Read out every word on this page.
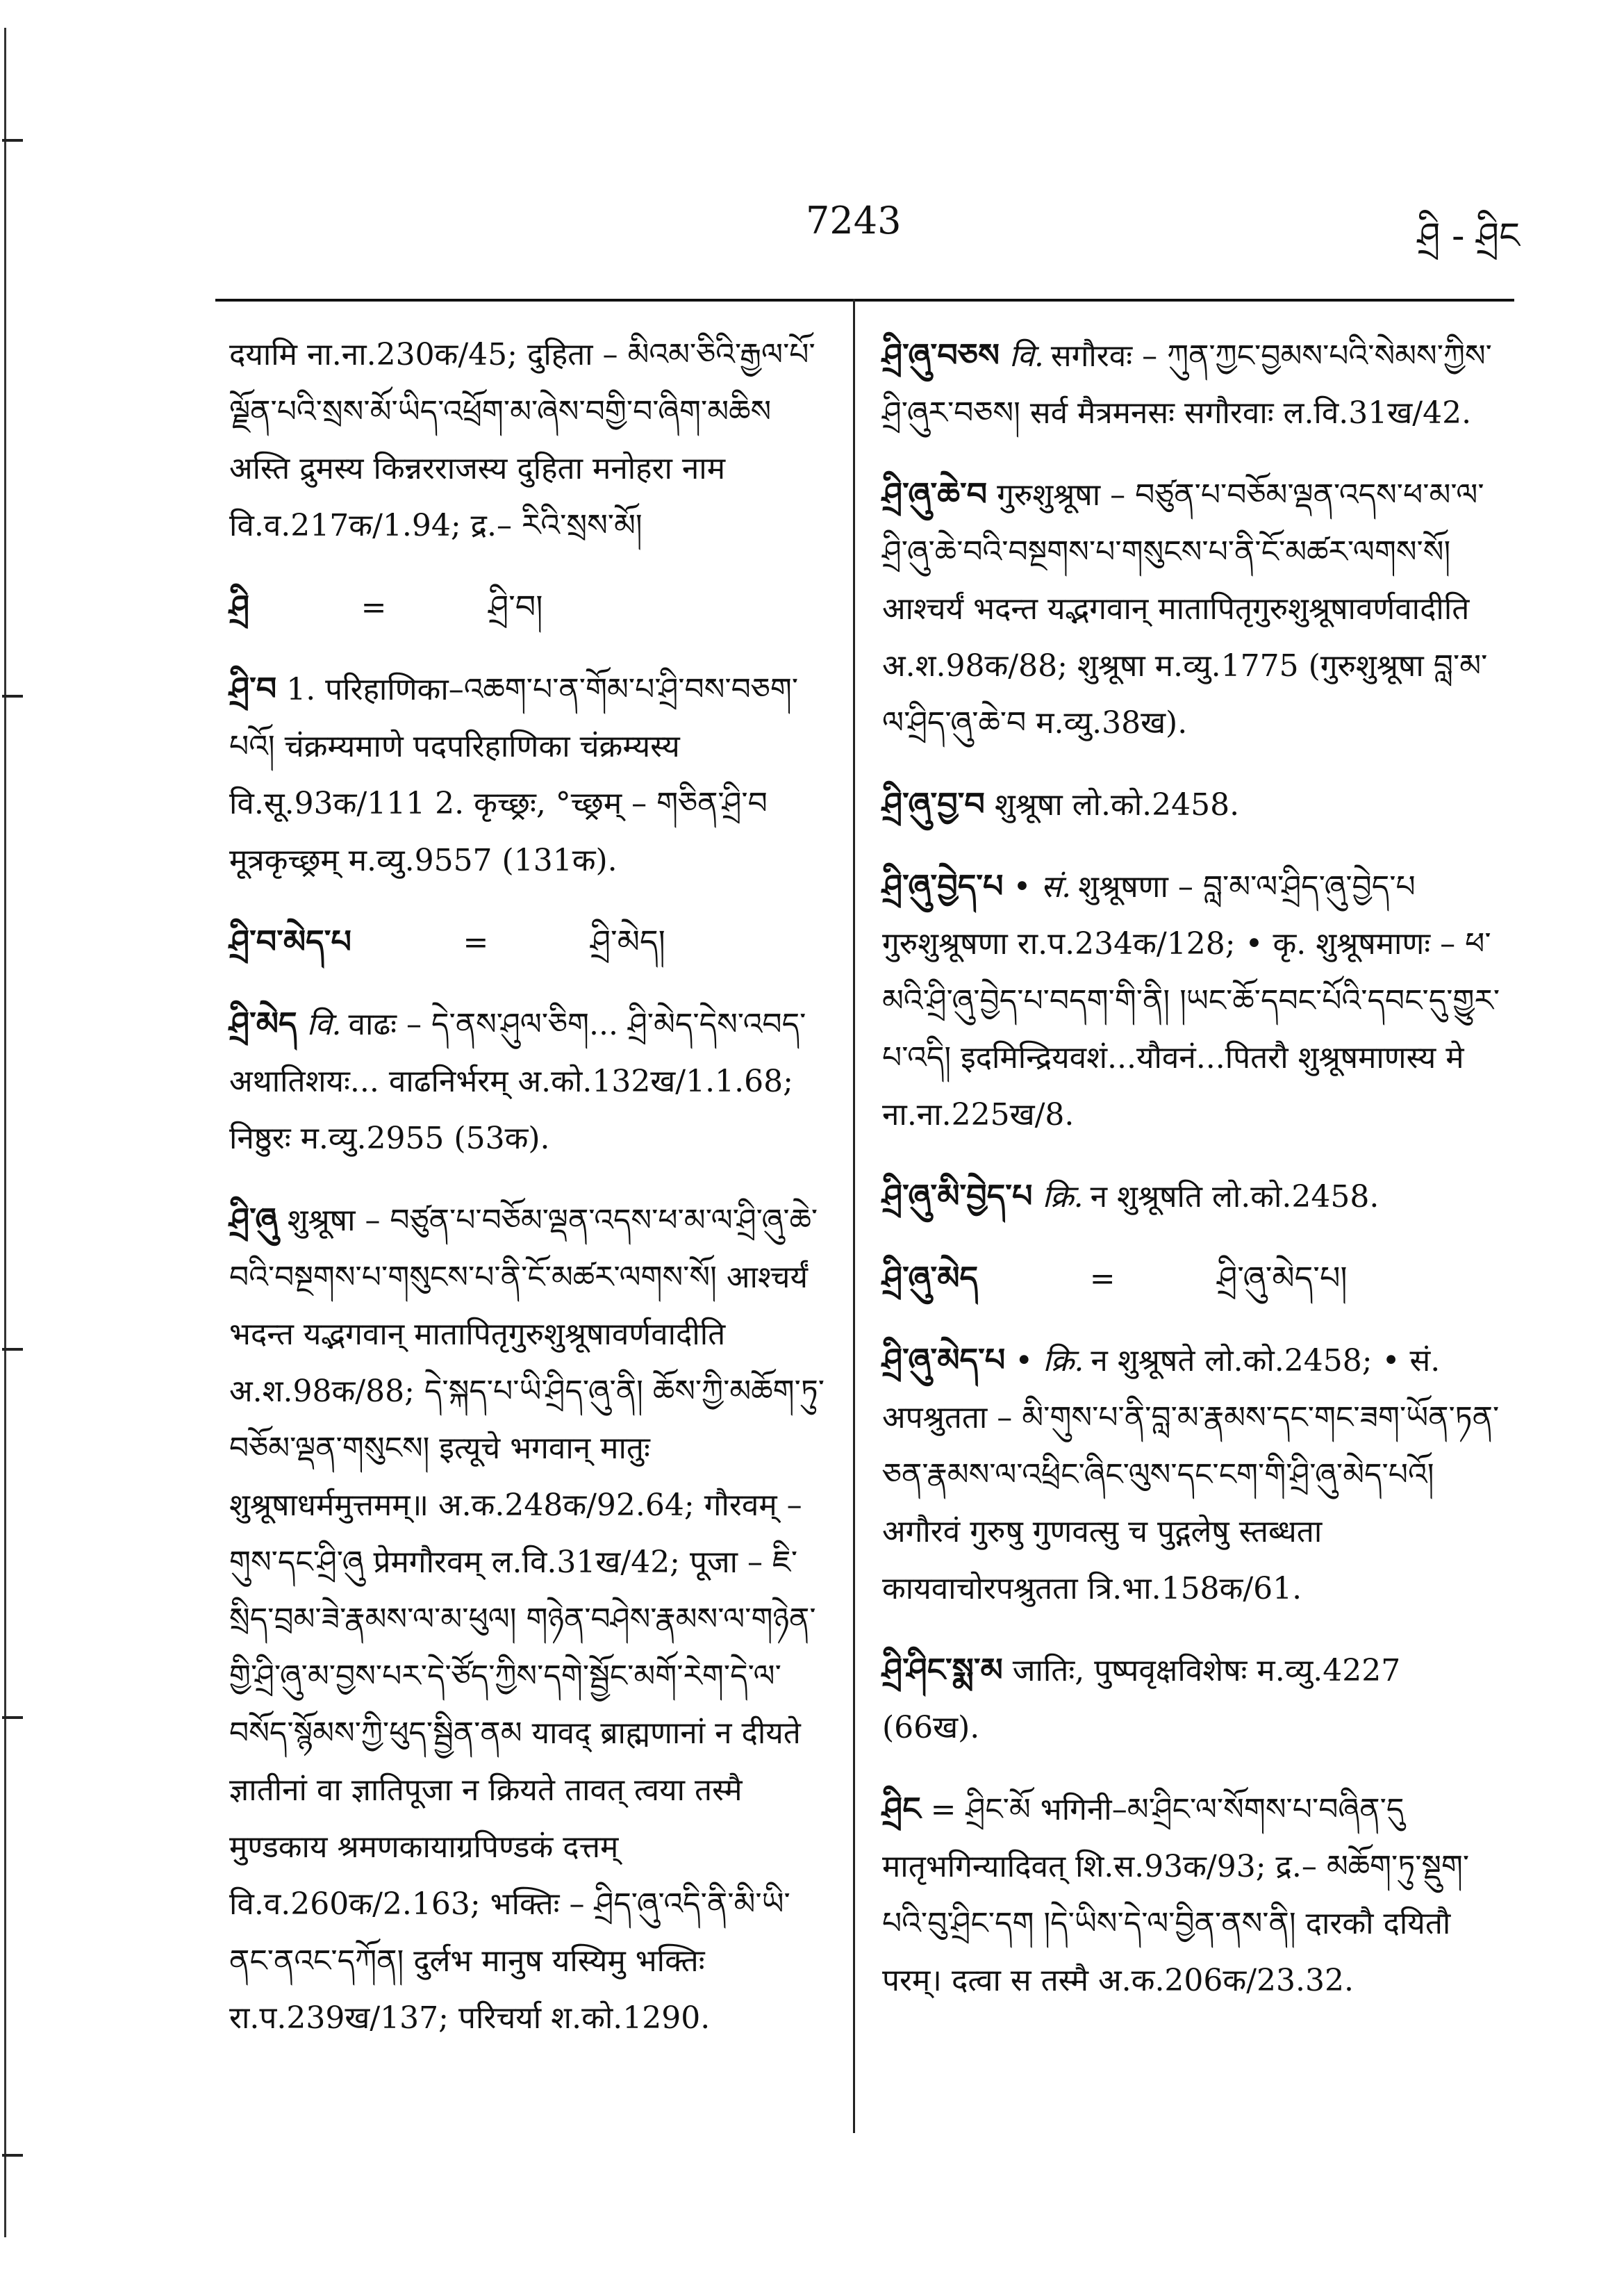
7243	ཤྲི - ཤྲིང
दयामि ना.ना.230क/45; दुहिता – མིའམ་ཅིའི་རྒྱལ་པོ་ལྗོན་པའི་སྲས་མོ་ཡིད་འཕྲོག་མ་ཞེས་བགྱི་བ་ཞིག་མཆིས अस्ति द्रुमस्य किन्नरराजस्य दुहिता मनोहरा नाम वि.व.217क/1.94; द्र.– རིའི་སྲས་མོ།
ཤྲི	=	ཤྲི་བ།
ཤྲི་བ 1. परिहाणिका–འཆག་པ་ན་གོམ་པ་ཤྲི་བས་བཅག་པའོ། चंक्रम्यमाणे पदपरिहाणिका चंक्रम्यस्य वि.सू.93क/111 2. कृच्छ्रः, °च्छ्रम् – གཅིན་ཤྲི་བ मूत्रकृच्छ्रम् म.व्यु.9557 (131क).
ཤྲི་བ་མེད་པ	=	ཤྲི་མེད།
ཤྲི་མེད वि. वाढः – དེ་ནས་ཤུལ་ཅིག... ཤྲི་མེད་དེས་འབད་ अथातिशयः... वाढनिर्भरम् अ.को.132ख/1.1.68; निष्ठुरः म.व्यु.2955 (53क).
ཤྲི་ཞུ शुश्रूषा – བཙུན་པ་བཅོམ་ལྡན་འདས་ཕ་མ་ལ་ཤྲི་ཞུ་ཆེ་བའི་བསྔགས་པ་གསུངས་པ་ནི་ངོ་མཚར་ལགས་སོ། आश्चर्यं भदन्त यद्भगवान् मातापितृगुरुशुश्रूषावर्णवादीति अ.श.98क/88; དེ་སྐད་པ་ཡི་ཤྲིད་ཞུ་ནི། ཆོས་ཀྱི་མཆོག་ཏུ་བཅོམ་ལྡན་གསུངས། इत्यूचे भगवान् मातुः शुश्रूषाधर्ममुत्तमम्॥ अ.क.248क/92.64; गौरवम् – གུས་དང་ཤྲི་ཞུ प्रेमगौरवम् ल.वि.31ख/42; पूजा – ཇི་སྲིད་བྲམ་ཟེ་རྣམས་ལ་མ་ཕུལ། གཉེན་བཤེས་རྣམས་ལ་གཉེན་གྱི་ཤྲི་ཞུ་མ་བྱས་པར་དེ་ཙོད་ཀྱིས་དགེ་སྦྱོང་མགོ་རེག་དེ་ལ་བསོད་སྙོམས་ཀྱི་ཕུད་སྦྱིན་ནམ यावद् ब्राह्मणानां न दीयते ज्ञातीनां वा ज्ञातिपूजा न क्रियते तावत् त्वया तस्मै मुण्डकाय श्रमणकायाग्रपिण्डकं दत्तम् वि.व.260क/2.163; भक्तिः – ཤྲིད་ཞུ་འདི་ནི་མི་ཡི་ནང་ནའང་དཀོན། दुर्लभ मानुष यस्यिमु भक्तिः रा.प.239ख/137; परिचर्या श.को.1290.
ཤྲི་ཞུ་བཅས वि. सगौरवः – ཀུན་ཀྱང་བྱམས་པའི་སེམས་ཀྱིས་ཤྲི་ཞུར་བཅས། सर्व मैत्रमनसः सगौरवाः ल.वि.31ख/42.
ཤྲི་ཞུ་ཆེ་བ गुरुशुश्रूषा – བཙུན་པ་བཅོམ་ལྡན་འདས་ཕ་མ་ལ་ཤྲི་ཞུ་ཆེ་བའི་བསྔགས་པ་གསུངས་པ་ནི་ངོ་མཚར་ལགས་སོ། आश्चर्यं भदन्त यद्भगवान् मातापितृगुरुशुश्रूषावर्णवादीति अ.श.98क/88; शुश्रूषा म.व्यु.1775 (गुरुशुश्रूषा བླ་མ་ལ་ཤྲིད་ཞུ་ཆེ་བ म.व्यु.38ख).
ཤྲི་ཞུ་བྱ་བ शुश्रूषा लो.को.2458.
ཤྲི་ཞུ་བྱེད་པ • सं. शुश्रूषणा – བླ་མ་ལ་ཤྲིད་ཞུ་བྱེད་པ गुरुशुश्रूषणा रा.प.234क/128; • कृ. शुश्रूषमाणः – ཕ་མའི་ཤྲི་ཞུ་བྱེད་པ་བདག་གི་ནི། །ཡང་ཆོ་དབང་པོའི་དབང་དུ་གྱུར་པ་འདི། इदमिन्द्रियवशं...यौवनं...पितरौ शुश्रूषमाणस्य मे ना.ना.225ख/8.
ཤྲི་ཞུ་མི་བྱེད་པ क्रि. न शुश्रूषति लो.को.2458.
ཤྲི་ཞུ་མེད	=	ཤྲི་ཞུ་མེད་པ།
ཤྲི་ཞུ་མེད་པ • क्रि. न शुश्रूषते लो.को.2458; • सं. अपश्रुतता – མི་གུས་པ་ནི་བླ་མ་རྣམས་དང་གང་ཟག་ཡོན་ཏན་ཅན་རྣམས་ལ་འཕྲིང་ཞིང་ལུས་དང་ངག་གི་ཤྲི་ཞུ་མེད་པའོ། अगौरवं गुरुषु गुणवत्सु च पुद्गलेषु स्तब्धता कायवाचोरपश्रुतता त्रि.भा.158क/61.
ཤྲི་ཤིང་སྨ་མ जातिः, पुष्पवृक्षविशेषः म.व्यु.4227 (66ख).
ཤྲིང = ཤྲིང་མོ भगिनी–མ་ཤྲིང་ལ་སོགས་པ་བཞིན་དུ मातृभगिन्यादिवत् शि.स.93क/93; द्र.– མཆོག་ཏུ་སྡུག་པའི་བུ་ཤྲིང་དག །དེ་ཡིས་དེ་ལ་བྱིན་ནས་ནི། दारकौ दयितौ परम्। दत्वा स तस्मै अ.क.206क/23.32.
